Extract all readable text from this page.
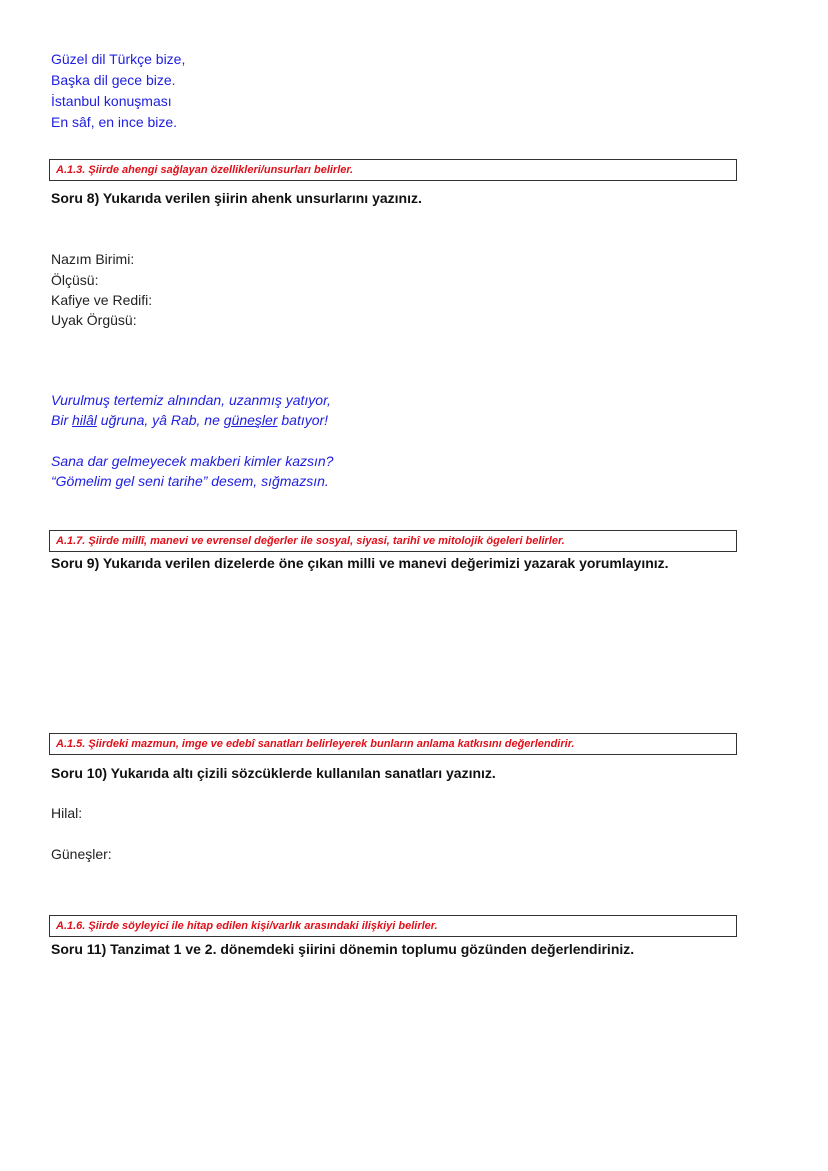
Güzel dil Türkçe bize,
Başka dil gece bize.
İstanbul konuşması
En sâf, en ince bize.
A.1.3. Şiirde ahengi sağlayan özellikleri/unsurları belirler.
Soru 8) Yukarıda verilen şiirin ahenk unsurlarını yazınız.
Nazım Birimi:
Ölçüsü:
Kafiye ve Redifi:
Uyak Örgüsü:
Vurulmuş tertemiz alnından, uzanmış yatıyor,
Bir hilâl uğruna, yâ Rab, ne güneşler batıyor!
Sana dar gelmeyecek makberi kimler kazsın?
“Gömelim gel seni tarihe” desem, sığmazsın.
A.1.7. Şiirde millî, manevi ve evrensel değerler ile sosyal, siyasi, tarihî ve mitolojik ögeleri belirler.
Soru 9) Yukarıda verilen dizelerde öne çıkan milli ve manevi değerimizi yazarak yorumlayınız.
A.1.5. Şiirdeki mazmun, imge ve edebî sanatları belirleyerek bunların anlama katkısını değerlendirir.
Soru 10) Yukarıda altı çizili sözcüklerde kullanılan sanatları yazınız.
Hilal:
Güneşler:
A.1.6. Şiirde söyleyici ile hitap edilen kişi/varlık arasındaki ilişkiyi belirler.
Soru 11) Tanzimat 1 ve 2. dönemdeki şiirini dönemin toplumu gözünden değerlendiriniz.
